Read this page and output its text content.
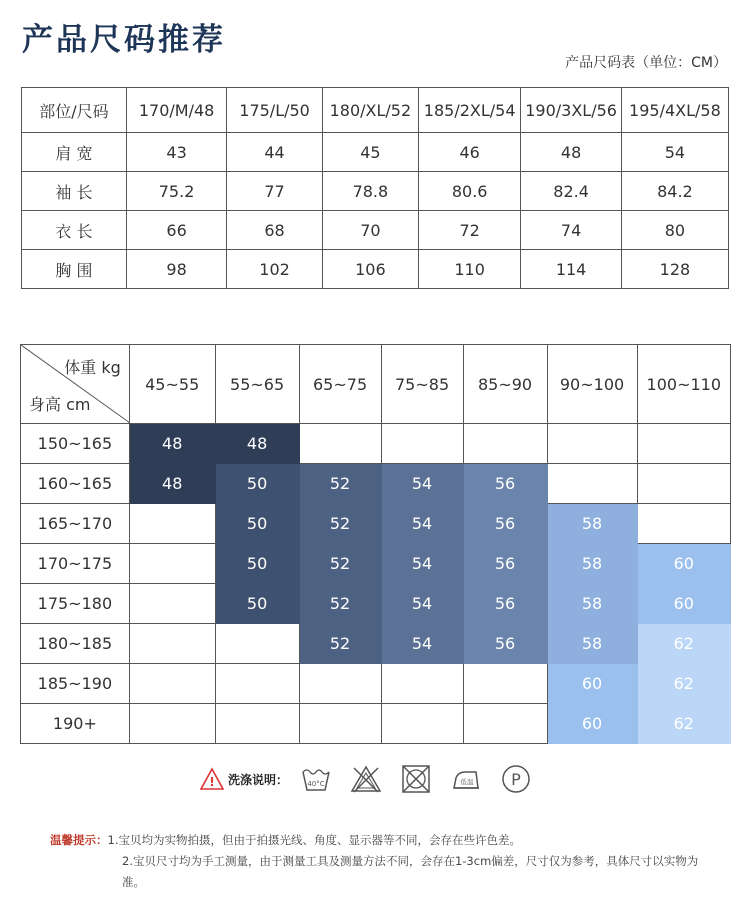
产品尺码推荐
产品尺码表（单位：CM）
部位/尺码	170/M/48	175/L/50	180/XL/52	185/2XL/54	190/3XL/56	195/4XL/58
肩 宽	43	44	45	46	48	54
袖 长	75.2	77	78.8	80.6	82.4	84.2
衣 长	66	68	70	72	74	80
胸 围	98	102	106	110	114	128
体重 kg
身高 cm	45~55	55~65	65~75	75~85	85~90	90~100	100~110
150~165	48	48					
160~165	48	50	52	54	56		
165~170		50	52	54	56	58	
170~175		50	52	54	56	58	60
175~180		50	52	54	56	58	60
180~185			52	54	56	58	62
185~190						60	62
190+						60	62
! 洗涤说明：	40°C	低温 P
温馨提示：1.宝贝均为实物拍摄，但由于拍摄光线、角度、显示器等不同，会存在些许色差。
2.宝贝尺寸均为手工测量，由于测量工具及测量方法不同，会存在1-3cm偏差，尺寸仅为参考，具体尺寸以实物为
准。
